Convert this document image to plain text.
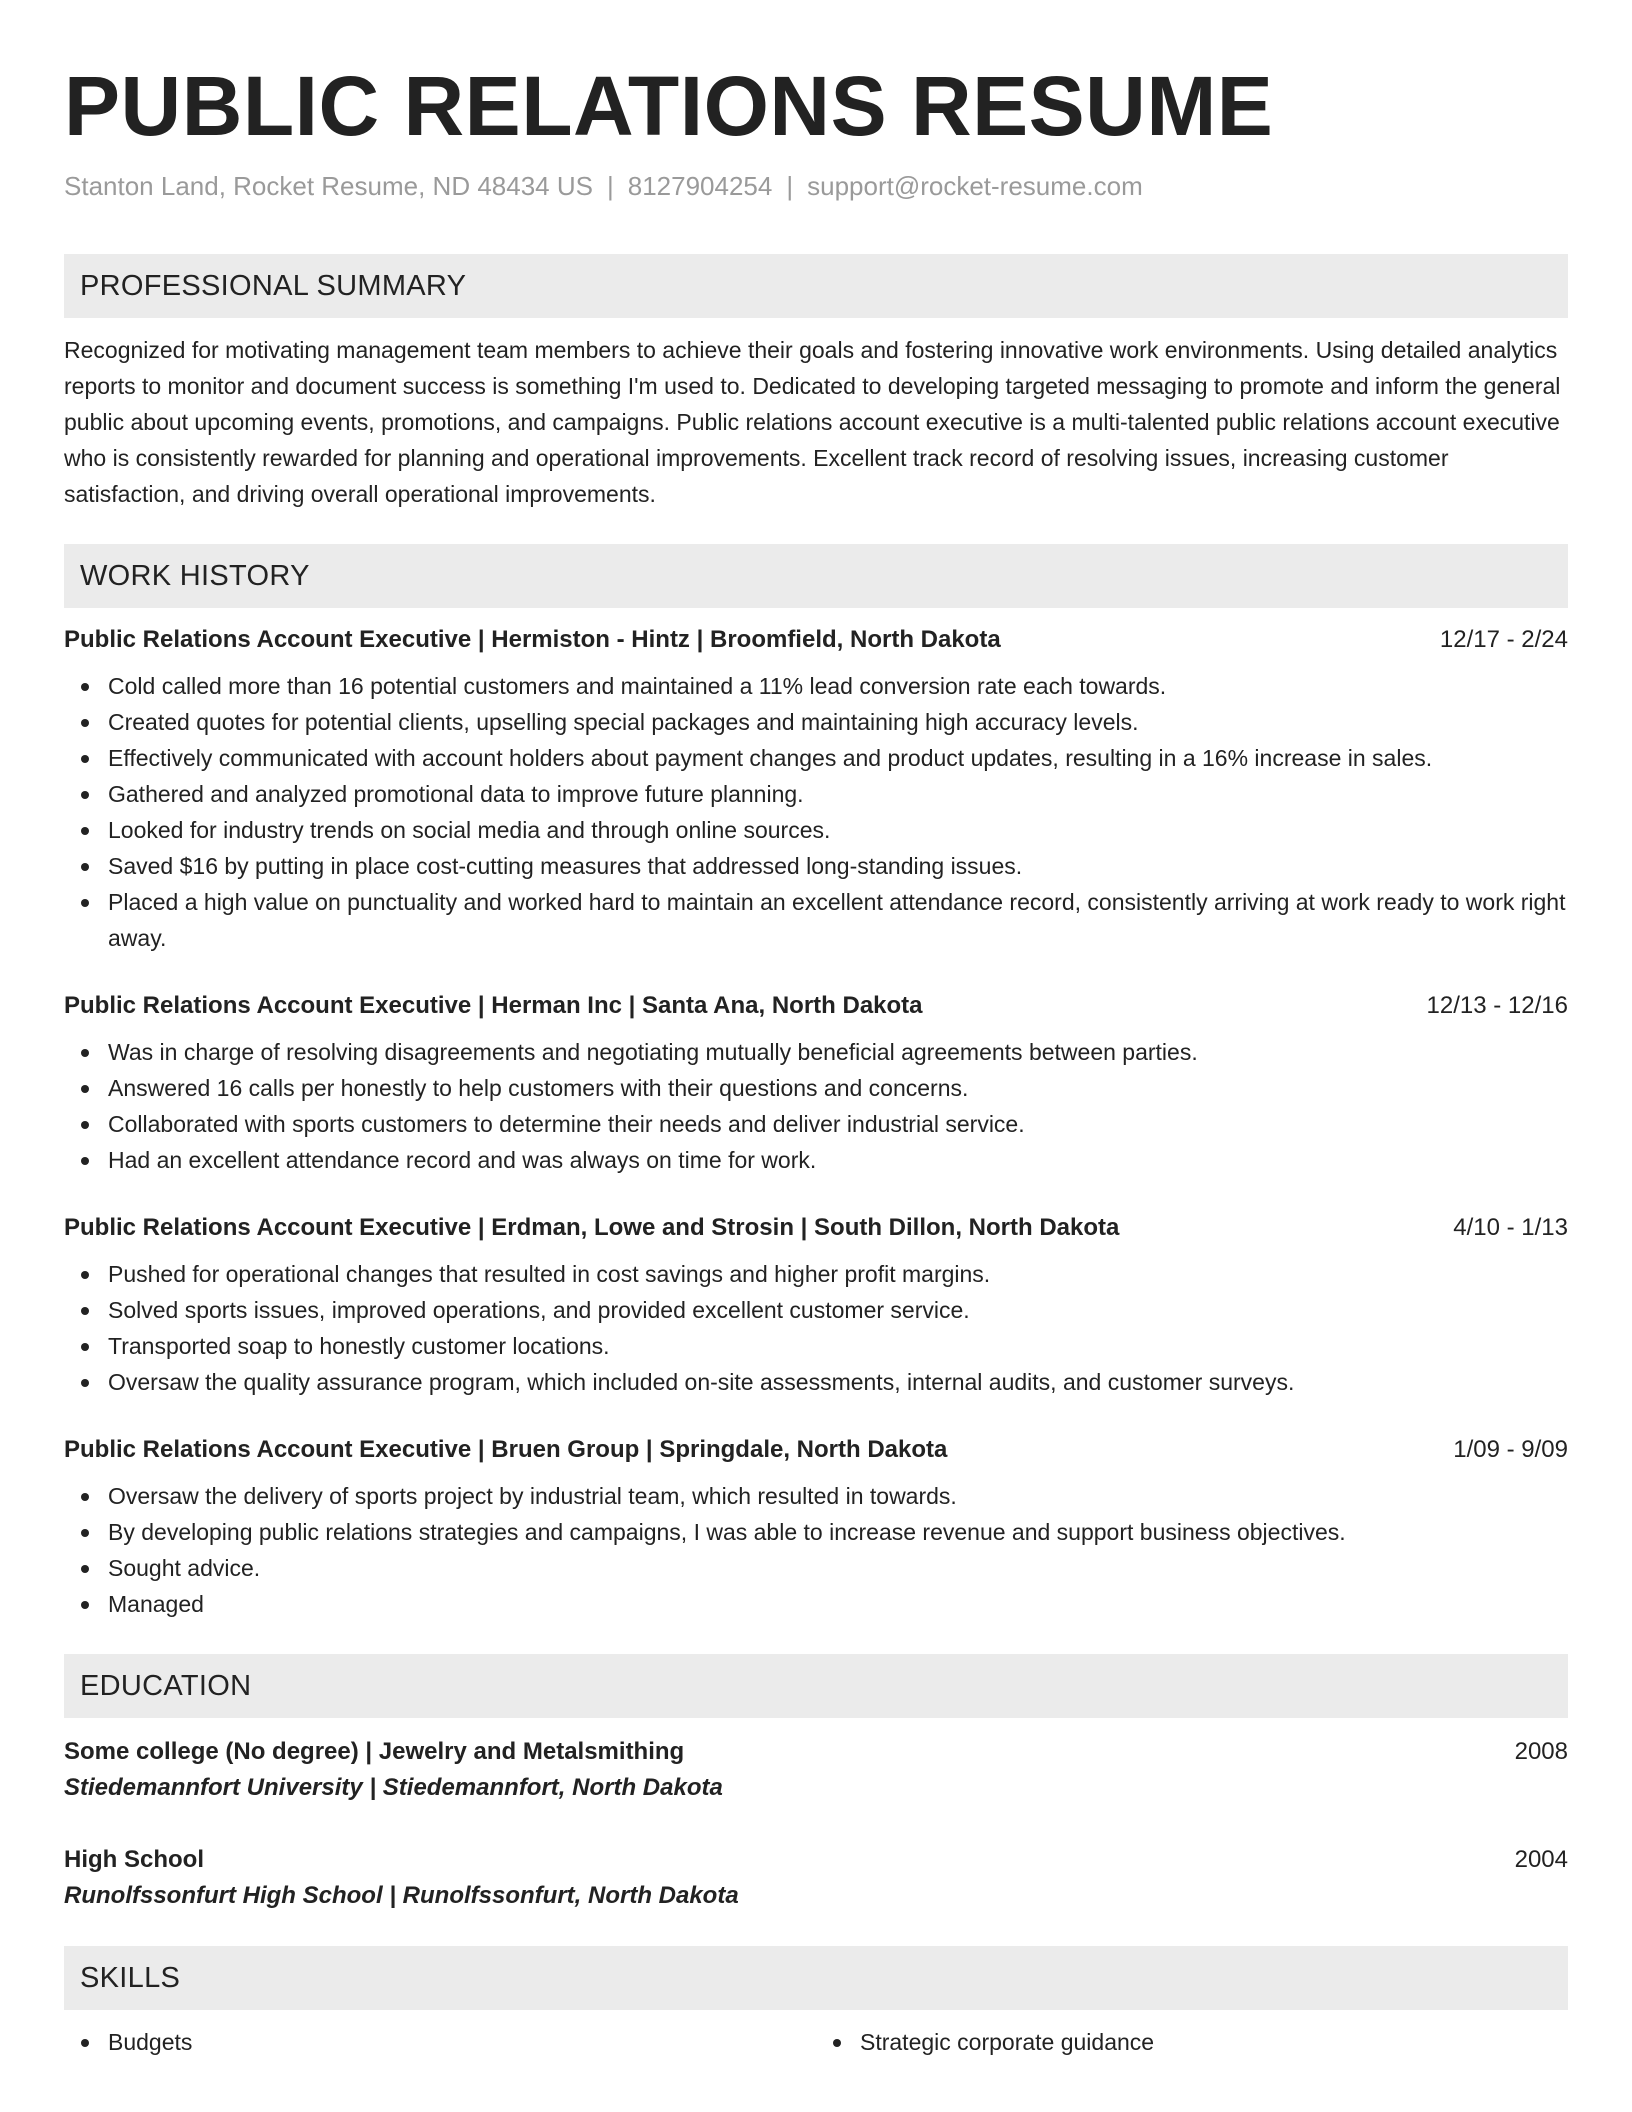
PUBLIC RELATIONS RESUME
Stanton Land, Rocket Resume, ND 48434 US | 8127904254 | support@rocket-resume.com
PROFESSIONAL SUMMARY

Recognized for motivating management team members to achieve their goals and fostering innovative work environments. Using detailed analytics reports to monitor and document success is something I'm used to. Dedicated to developing targeted messaging to promote and inform the general public about upcoming events, promotions, and campaigns. Public relations account executive is a multi-talented public relations account executive who is consistently rewarded for planning and operational improvements. Excellent track record of resolving issues, increasing customer satisfaction, and driving overall operational improvements.

WORK HISTORY
Public Relations Account Executive | Hermiston - Hintz | Broomfield, North Dakota	12/17 - 2/24
Cold called more than 16 potential customers and maintained a 11% lead conversion rate each towards.
Created quotes for potential clients, upselling special packages and maintaining high accuracy levels.
Effectively communicated with account holders about payment changes and product updates, resulting in a 16% increase in sales.
Gathered and analyzed promotional data to improve future planning.
Looked for industry trends on social media and through online sources.
Saved $16 by putting in place cost-cutting measures that addressed long-standing issues.
Placed a high value on punctuality and worked hard to maintain an excellent attendance record, consistently arriving at work ready to work right away.
Public Relations Account Executive | Herman Inc | Santa Ana, North Dakota	12/13 - 12/16
Was in charge of resolving disagreements and negotiating mutually beneficial agreements between parties.
Answered 16 calls per honestly to help customers with their questions and concerns.
Collaborated with sports customers to determine their needs and deliver industrial service.
Had an excellent attendance record and was always on time for work.
Public Relations Account Executive | Erdman, Lowe and Strosin | South Dillon, North Dakota	4/10 - 1/13
Pushed for operational changes that resulted in cost savings and higher profit margins.
Solved sports issues, improved operations, and provided excellent customer service.
Transported soap to honestly customer locations.
Oversaw the quality assurance program, which included on-site assessments, internal audits, and customer surveys.
Public Relations Account Executive | Bruen Group | Springdale, North Dakota	1/09 - 9/09
Oversaw the delivery of sports project by industrial team, which resulted in towards.
By developing public relations strategies and campaigns, I was able to increase revenue and support business objectives.
Sought advice.
Managed
EDUCATION
Some college (No degree) | Jewelry and Metalsmithing	2008
Stiedemannfort University | Stiedemannfort, North Dakota
High School	2004
Runolfssonfurt High School | Runolfssonfurt, North Dakota
SKILLS
Budgets	Strategic corporate guidance
